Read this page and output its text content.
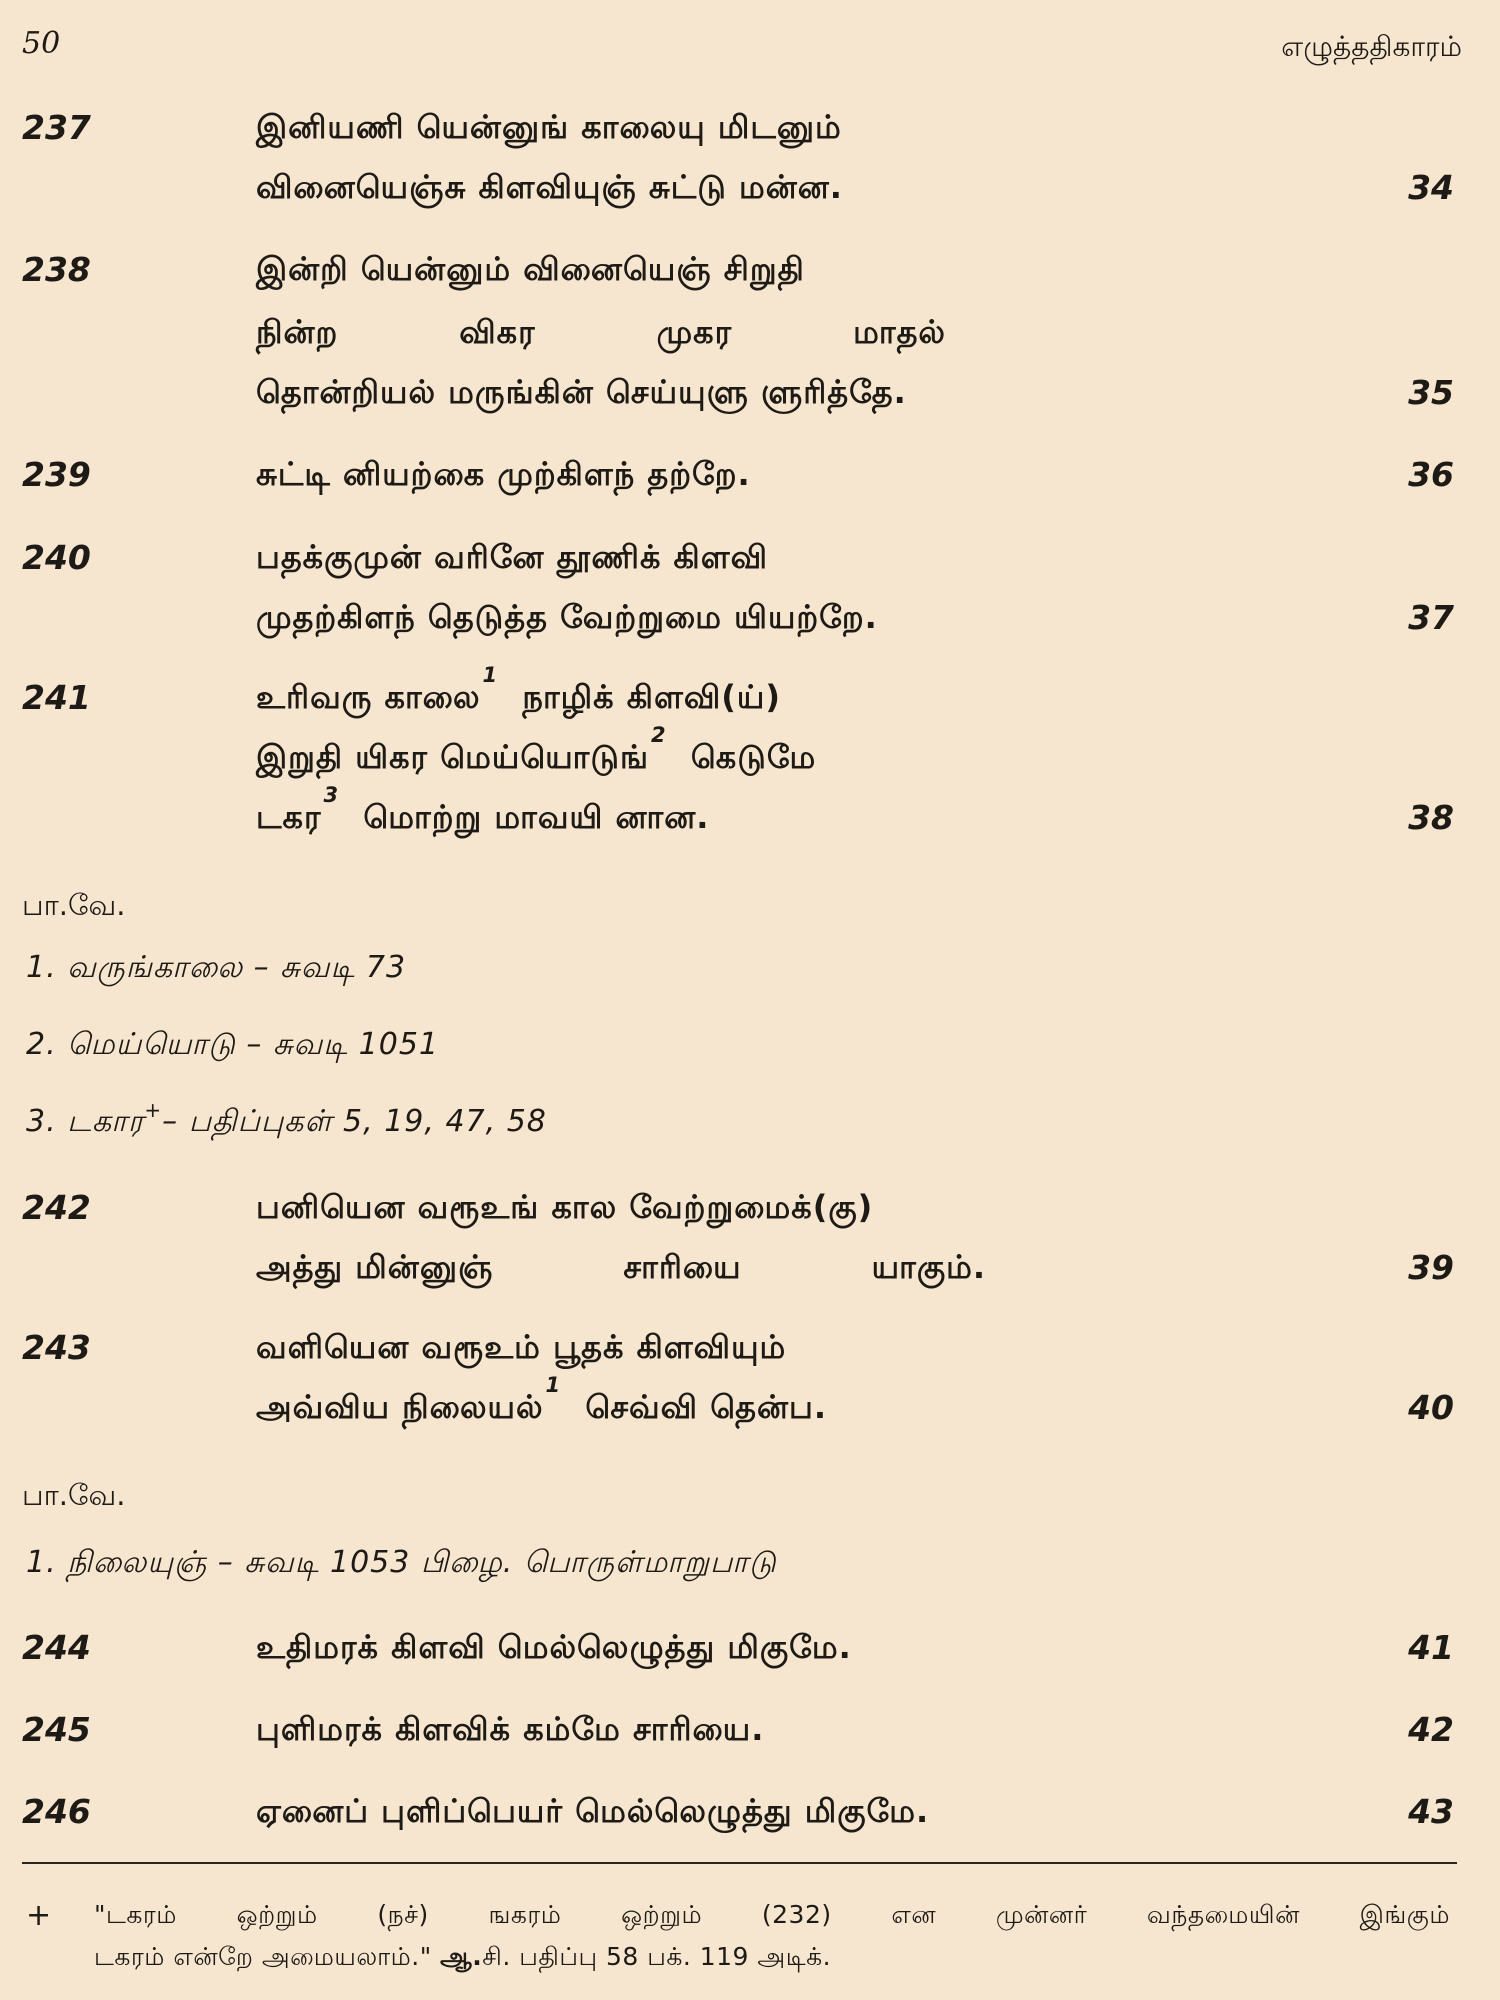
50	எழுத்ததிகாரம்
237	இனியணி யென்னுங் காலையு மிடனும்
வினையெஞ்சு கிளவியுஞ் சுட்டு மன்ன.	34
238	இன்றி யென்னும் வினையெஞ் சிறுதி
நின்ற	விகர	முகர	மாதல்
தொன்றியல் மருங்கின் செய்யுளு ளுரித்தே.	35
239	சுட்டி னியற்கை முற்கிளந் தற்றே.	36
240	பதக்குமுன் வரினே தூணிக் கிளவி
முதற்கிளந் தெடுத்த வேற்றுமை யியற்றே.	37
241	உரிவரு காலை$^1$  நாழிக் கிளவி(ய்)
இறுதி யிகர மெய்யொடுங்$^2$  கெடுமே
டகர$^3$  மொற்று மாவயி னான.	38
பா.வே.
1. வருங்காலை – சுவடி 73
2. மெய்யொடு – சுவடி 1051
3. டகார+– பதிப்புகள் 5, 19, 47, 58
242	பனியென வரூஉங் கால வேற்றுமைக்(கு)
அத்து மின்னுஞ்	சாரியை	யாகும்.	39
243	வளியென வரூஉம் பூதக் கிளவியும்
அவ்விய நிலையல்$^1$  செவ்வி தென்ப.	40
பா.வே.
1. நிலையுஞ் – சுவடி 1053 பிழை. பொருள்மாறுபாடு
244	உதிமரக் கிளவி மெல்லெழுத்து மிகுமே.	41
245	புளிமரக் கிளவிக் கம்மே சாரியை.	42
246	ஏனைப் புளிப்பெயர் மெல்லெழுத்து மிகுமே.	43
+ "டகரம் ஒற்றும் (நச்) ஙகரம் ஒற்றும் (232) என முன்னர் வந்தமையின் இங்கும்
டகரம் என்றே அமையலாம்." ஆ.சி. பதிப்பு 58 பக். 119 அடிக்.
